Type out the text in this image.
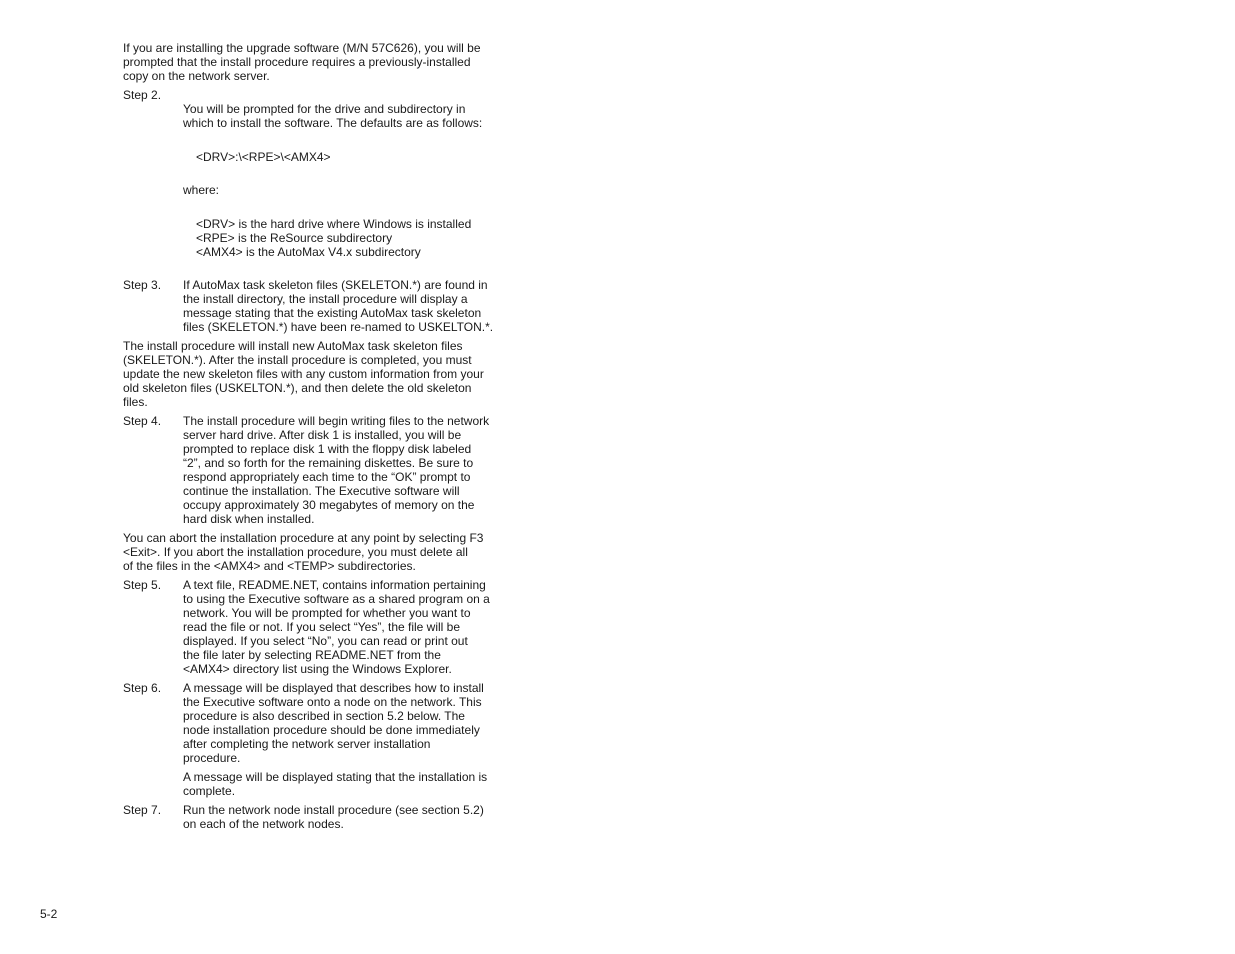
If you are installing the upgrade software (M/N 57C626), you will be
prompted that the install procedure requires a previously-installed
copy on the network server.

Step 2.

You will be prompted for the drive and subdirectory in
which to install the software. The defaults are as follows:

<DRV>:\<RPE>\<AMX4>

where:

<DRV> is the hard drive where Windows is installed
<RPE> is the ReSource subdirectory
<AMX4> is the AutoMax V4.x subdirectory

Step 3.	If AutoMax task skeleton files (SKELETON.*) are found in
the install directory, the install procedure will display a
message stating that the existing AutoMax task skeleton
files (SKELETON.*) have been re-named to USKELTON.*.

The install procedure will install new AutoMax task skeleton files
(SKELETON.*). After the install procedure is completed, you must
update the new skeleton files with any custom information from your
old skeleton files (USKELTON.*), and then delete the old skeleton
files.

Step 4.	The install procedure will begin writing files to the network
server hard drive. After disk 1 is installed, you will be
prompted to replace disk 1 with the floppy disk labeled
“2”, and so forth for the remaining diskettes. Be sure to
respond appropriately each time to the “OK” prompt to
continue the installation. The Executive software will
occupy approximately 30 megabytes of memory on the
hard disk when installed.

You can abort the installation procedure at any point by selecting F3
<Exit>. If you abort the installation procedure, you must delete all
of the files in the <AMX4> and <TEMP> subdirectories.

Step 5.	A text file, README.NET, contains information pertaining
to using the Executive software as a shared program on a
network. You will be prompted for whether you want to
read the file or not. If you select “Yes”, the file will be
displayed. If you select “No”, you can read or print out
the file later by selecting README.NET from the
<AMX4> directory list using the Windows Explorer.
Step 6.	A message will be displayed that describes how to install
the Executive software onto a node on the network. This
procedure is also described in section 5.2 below. The
node installation procedure should be done immediately
after completing the network server installation
procedure.

A message will be displayed stating that the installation is
complete.

Step 7.	Run the network node install procedure (see section 5.2)
on each of the network nodes.
5-2
